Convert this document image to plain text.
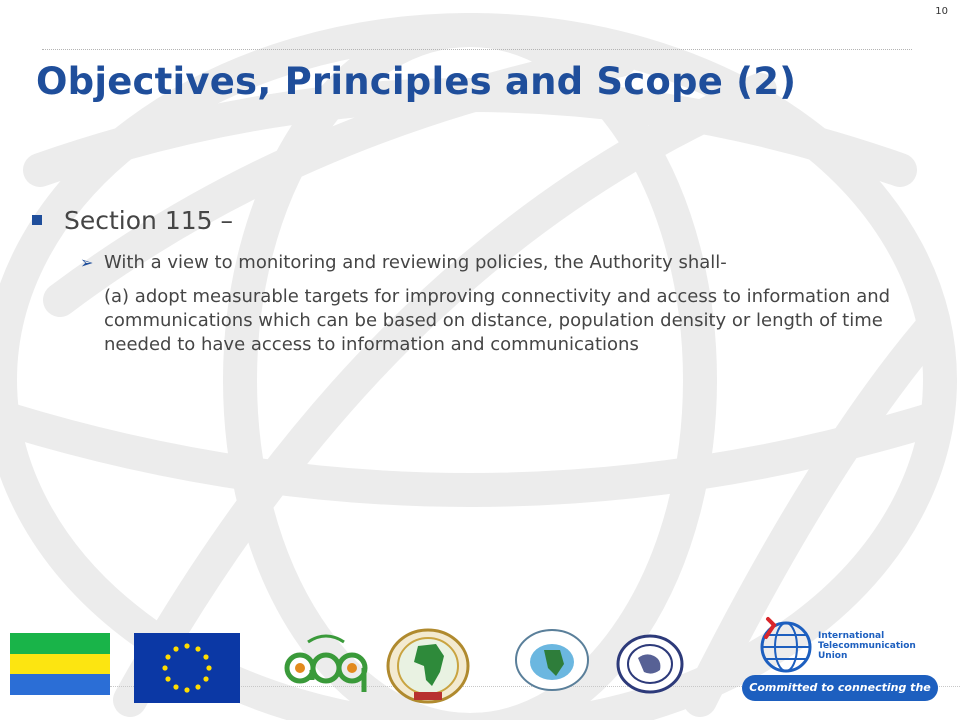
10
Objectives, Principles and Scope (2)
Section 115 –
➢ With a view to monitoring and reviewing policies, the Authority shall-
(a) adopt measurable targets for improving connectivity and access to information and communications which can be based on distance, population density or length of time needed to have access to information and communications
International
Telecommunication
Union
Committed to connecting the world
